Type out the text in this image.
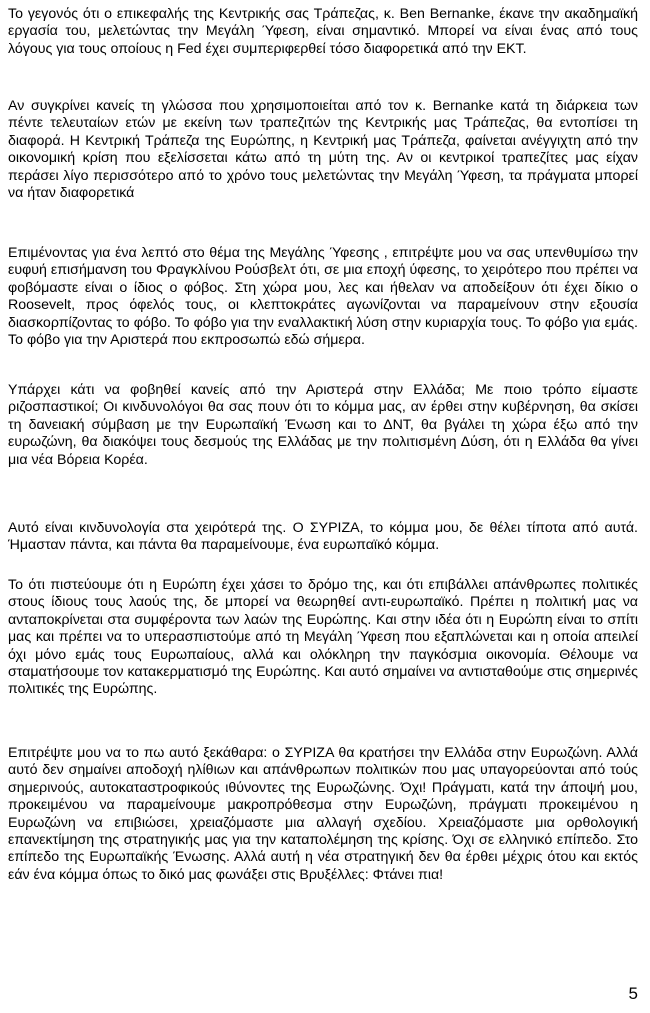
Το γεγονός ότι ο επικεφαλής της Κεντρικής σας Τράπεζας, κ. Ben Bernanke, έκανε την ακαδημαϊκή εργασία του, μελετώντας την Μεγάλη Ύφεση, είναι σημαντικό. Μπορεί να είναι ένας από τους λόγους για τους οποίους η Fed έχει συμπεριφερθεί τόσο διαφορετικά από την ΕΚΤ.

Αν συγκρίνει κανείς τη γλώσσα που χρησιμοποιείται από τον κ. Bernanke κατά τη διάρκεια των πέντε τελευταίων ετών με εκείνη των τραπεζιτών της Κεντρικής μας Τράπεζας, θα εντοπίσει τη διαφορά. Η Κεντρική Τράπεζα της Ευρώπης, η Κεντρική μας Τράπεζα, φαίνεται ανέγγιχτη από την οικονομική κρίση που εξελίσσεται κάτω από τη μύτη της. Αν οι κεντρικοί τραπεζίτες μας είχαν περάσει λίγο περισσότερο από το χρόνο τους μελετώντας την Μεγάλη Ύφεση, τα πράγματα μπορεί να ήταν διαφορετικά

Επιμένοντας για ένα λεπτό στο θέμα της Μεγάλης Ύφεσης , επιτρέψτε μου να σας υπενθυμίσω την ευφυή επισήμανση του Φραγκλίνου Ρούσβελτ ότι, σε μια εποχή ύφεσης, το χειρότερο που πρέπει να φοβόμαστε είναι ο ίδιος ο φόβος. Στη χώρα μου, λες και ήθελαν να αποδείξουν ότι έχει δίκιο ο Roosevelt, προς όφελός τους, οι κλεπτοκράτες αγωνίζονται να παραμείνουν στην εξουσία διασκορπίζοντας το φόβο. Το φόβο για την εναλλακτική λύση στην κυριαρχία τους. Το φόβο για εμάς. Το φόβο για την Αριστερά που εκπροσωπώ εδώ σήμερα.

Υπάρχει κάτι να φοβηθεί κανείς από την Αριστερά στην Ελλάδα; Με ποιο τρόπο είμαστε ριζοσπαστικοί; Οι κινδυνολόγοι θα σας πουν ότι το κόμμα μας, αν έρθει στην κυβέρνηση, θα σκίσει τη δανειακή σύμβαση με την Ευρωπαϊκή Ένωση και το ΔΝΤ, θα βγάλει τη χώρα έξω από την ευρωζώνη, θα διακόψει τους δεσμούς της Ελλάδας με την πολιτισμένη Δύση, ότι η Ελλάδα θα γίνει μια νέα Βόρεια Κορέα.

Αυτό είναι κινδυνολογία στα χειρότερά της. Ο ΣΥΡΙΖΑ, το κόμμα μου, δε θέλει τίποτα από αυτά. Ήμασταν πάντα, και πάντα θα παραμείνουμε, ένα ευρωπαϊκό κόμμα.

Το ότι πιστεύουμε ότι η Ευρώπη έχει χάσει το δρόμο της, και ότι επιβάλλει απάνθρωπες πολιτικές στους ίδιους τους λαούς της, δε μπορεί να θεωρηθεί αντι-ευρωπαϊκό. Πρέπει η πολιτική μας να ανταποκρίνεται στα συμφέροντα των λαών της Ευρώπης. Και στην ιδέα ότι η Ευρώπη είναι το σπίτι μας και πρέπει να το υπερασπιστούμε από τη Μεγάλη Ύφεση που εξαπλώνεται και η οποία απειλεί όχι μόνο εμάς τους Ευρωπαίους, αλλά και ολόκληρη την παγκόσμια οικονομία. Θέλουμε να σταματήσουμε τον κατακερματισμό της Ευρώπης. Και αυτό σημαίνει να αντισταθούμε στις σημερινές πολιτικές της Ευρώπης.

Επιτρέψτε μου να το πω αυτό ξεκάθαρα: ο ΣΥΡΙΖΑ θα κρατήσει την Ελλάδα στην Ευρωζώνη. Αλλά αυτό δεν σημαίνει αποδοχή ηλίθιων και απάνθρωπων πολιτικών που μας υπαγορεύονται από τούς σημερινούς, αυτοκαταστροφικούς ιθύνοντες της Ευρωζώνης. Όχι! Πράγματι, κατά την άποψή μου, προκειμένου να παραμείνουμε μακροπρόθεσμα στην Ευρωζώνη, πράγματι προκειμένου η Ευρωζώνη να επιβιώσει, χρειαζόμαστε μια αλλαγή σχεδίου. Χρειαζόμαστε μια ορθολογική επανεκτίμηση της στρατηγικής μας για την καταπολέμηση της κρίσης. Όχι σε ελληνικό επίπεδο. Στο επίπεδο της Ευρωπαϊκής Ένωσης. Αλλά αυτή η νέα στρατηγική δεν θα έρθει μέχρις ότου και εκτός εάν ένα κόμμα όπως το δικό μας φωνάξει στις Βρυξέλλες: Φτάνει πια!

5
